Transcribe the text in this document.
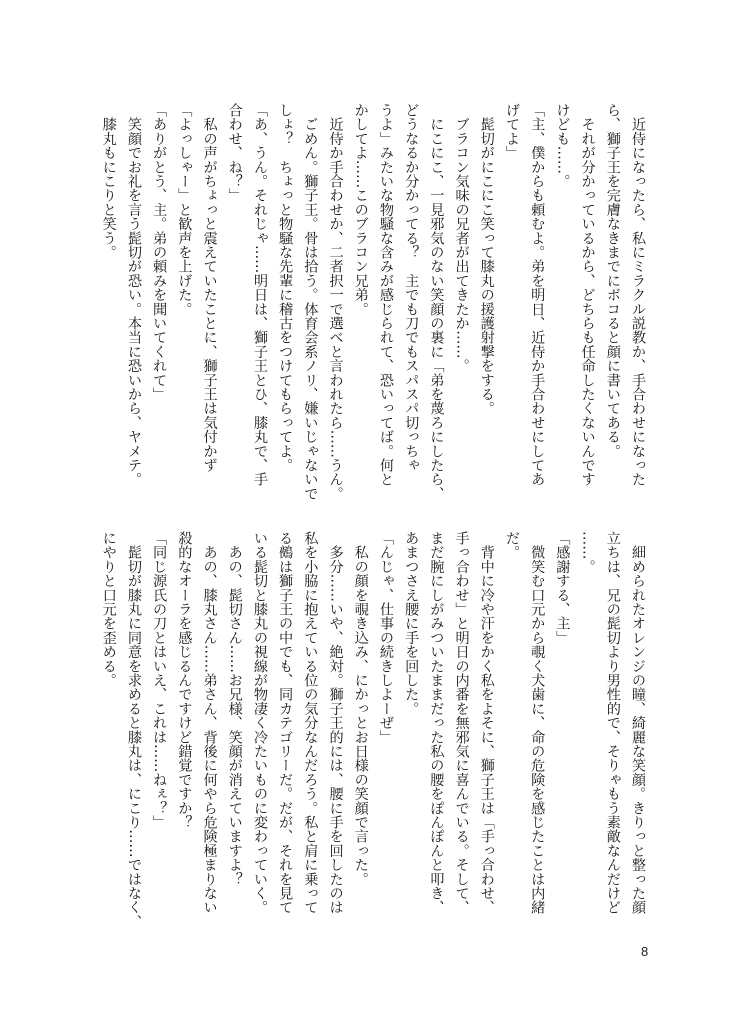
　近侍になったら、私にミラクル説教か、手合わせになった
ら、獅子王を完膚なきまでにボコると顔に書いてある。
　それが分かっているから、どちらも任命したくないんです
けども……。
「主、僕からも頼むよ。弟を明日、近侍か手合わせにしてあ
げてよ」
　髭切がにこにこ笑って膝丸の援護射撃をする。
　ブラコン気味の兄者が出てきたか……。
　にこにこ、一見邪気のない笑顔の裏に「弟を蔑ろにしたら、
どうなるか分かってる？　主でも刀でもスパスパ切っちゃ
うよ」みたいな物騒な含みが感じられて、恐いってば。何と
かしてよ……このブラコン兄弟。
　近侍か手合わせか、二者択一で選べと言われたら……うん。
　ごめん。獅子王。骨は拾う。体育会系ノリ、嫌いじゃないで
しょ？　ちょっと物騒な先輩に稽古をつけてもらってよ。
「あ、うん。それじゃ……明日は、獅子王とひ、膝丸で、手
合わせ、ね？」
　私の声がちょっと震えていたことに、獅子王は気付かず
「よっしゃー」と歓声を上げた。
「ありがとう、主。弟の頼みを聞いてくれて」
　笑顔でお礼を言う髭切が恐い。本当に恐いから、ヤメテ。
　膝丸もにこりと笑う。
　細められたオレンジの瞳、綺麗な笑顔。きりっと整った顔
立ちは、兄の髭切より男性的で、そりゃもう素敵なんだけど
……。
「感謝する、主」
　微笑む口元から覗く犬歯に、命の危険を感じたことは内緒
だ。
　背中に冷や汗をかく私をよそに、獅子王は「手っ合わせ、
手っ合わせ」と明日の内番を無邪気に喜んでいる。そして、
まだ腕にしがみついたままだった私の腰をぽんぽんと叩き、
あまつさえ腰に手を回した。
「んじゃ、仕事の続きしよーぜ」
　私の顔を覗き込み、にかっとお日様の笑顔で言った。
　多分……いや、絶対。獅子王的には、腰に手を回したのは
私を小脇に抱えている位の気分なんだろう。私と肩に乗って
る鵺は獅子王の中でも、同カテゴリーだ。だが、それを見て
いる髭切と膝丸の視線が物凄く冷たいものに変わっていく。
　あの、髭切さん……お兄様、笑顔が消えていますよ？
　あの、膝丸さん……弟さん、背後に何やら危険極まりない
殺的なオーラを感じるんですけど錯覚ですか？
「同じ源氏の刀とはいえ、これは……ねぇ？」
　髭切が膝丸に同意を求めると膝丸は、にこり……ではなく、
にやりと口元を歪める。
8
